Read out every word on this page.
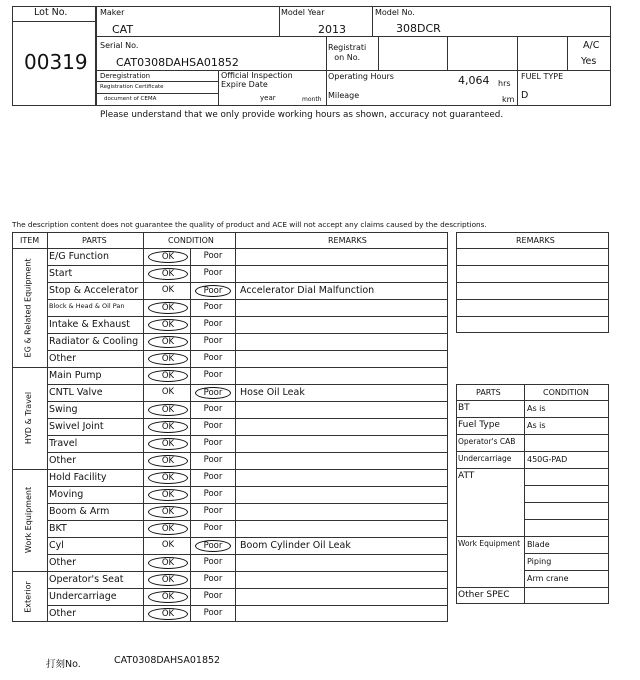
Lot No.
00319
Maker
CAT
Model Year
2013
Model No.
308DCR
Serial No.
CAT0308DAHSA01852
Registrati
on No.
A/C
Yes
Deregistration
Registration Certificate
document of CEMA
Official Inspection
Expire Date
year	month
Operating Hours	4,064 hrs
Mileage	km
FUEL TYPE
D
Please understand that we only provide working hours as shown, accuracy not guaranteed.
The description content does not guarantee the quality of product and ACE will not accept any claims caused by the descriptions.
ITEM	PARTS	CONDITION	REMARKS
EG & Related Equipment
E/G Function	OK	Poor
Start	OK	Poor
Stop & Accelerator	OK	Poor	Accelerator Dial Malfunction
Block & Head & Oil Pan	OK	Poor
Intake & Exhaust	OK	Poor
Radiator & Cooling	OK	Poor
Other	OK	Poor
HYD & Travel
Main Pump	OK	Poor
CNTL Valve	OK	Poor	Hose Oil Leak
Swing	OK	Poor
Swivel Joint	OK	Poor
Travel	OK	Poor
Other	OK	Poor
Work Equipment
Hold Facility	OK	Poor
Moving	OK	Poor
Boom & Arm	OK	Poor
BKT	OK	Poor
Cyl	OK	Poor	Boom Cylinder Oil Leak
Other	OK	Poor
Exterior
Operator's Seat	OK	Poor
Undercarriage	OK	Poor
Other	OK	Poor
REMARKS
PARTS	CONDITION
BT	As is
Fuel Type	As is
Operator's CAB
Undercarriage 450G-PAD
ATT
Work Equipment Blade
Piping
Arm crane
Other SPEC
打刻No.	CAT0308DAHSA01852
